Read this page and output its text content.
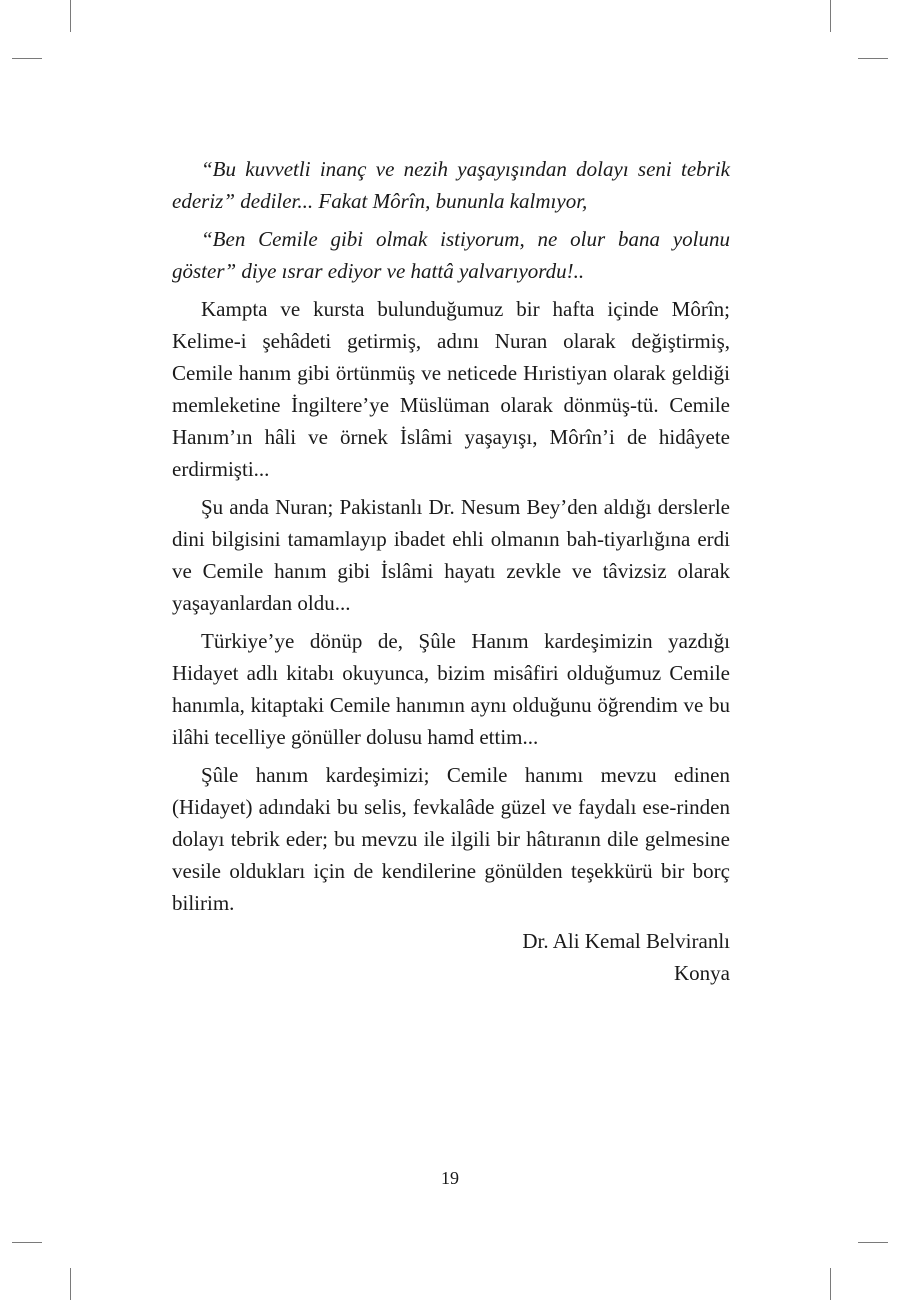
“Bu kuvvetli inanç ve nezih yaşayışından dolayı seni tebrik ederiz” dediler... Fakat Môrîn, bununla kalmıyor,

“Ben Cemile gibi olmak istiyorum, ne olur bana yolunu göster” diye ısrar ediyor ve hattâ yalvarıyordu!..

Kampta ve kursta bulunduğumuz bir hafta içinde Môrîn; Kelime-i şehâdeti getirmiş, adını Nuran olarak değiştirmiş, Cemile hanım gibi örtünmüş ve neticede Hıristiyan olarak geldiği memleketine İngiltere’ye Müslüman olarak dönmüş-tü. Cemile Hanım’ın hâli ve örnek İslâmi yaşayışı, Môrîn’i de hidâyete erdirmişti...

Şu anda Nuran; Pakistanlı Dr. Nesum Bey’den aldığı derslerle dini bilgisini tamamlayıp ibadet ehli olmanın bah-tiyarlığına erdi ve Cemile hanım gibi İslâmi hayatı zevkle ve tâvizsiz olarak yaşayanlardan oldu...

Türkiye’ye dönüp de, Şûle Hanım kardeşimizin yazdığı Hidayet adlı kitabı okuyunca, bizim misâfiri olduğumuz Cemile hanımla, kitaptaki Cemile hanımın aynı olduğunu öğrendim ve bu ilâhi tecelliye gönüller dolusu hamd ettim...

Şûle hanım kardeşimizi; Cemile hanımı mevzu edinen (Hidayet) adındaki bu selis, fevkalâde güzel ve faydalı ese-rinden dolayı tebrik eder; bu mevzu ile ilgili bir hâtıranın dile gelmesine vesile oldukları için de kendilerine gönülden teşekkürü bir borç bilirim.

Dr. Ali Kemal Belviranlı

Konya

19
